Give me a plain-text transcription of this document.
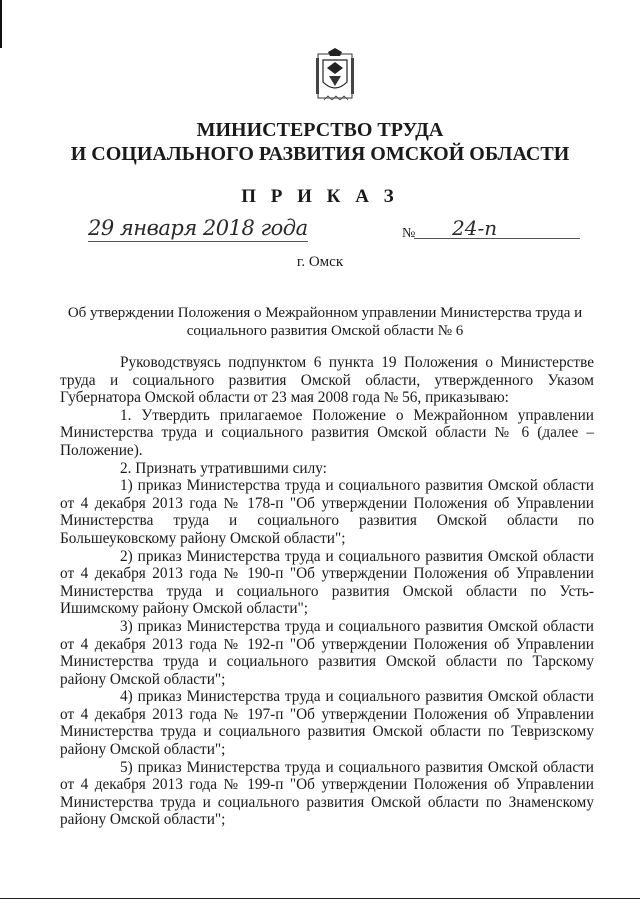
МИНИСТЕРСТВО ТРУДА
И СОЦИАЛЬНОГО РАЗВИТИЯ ОМСКОЙ ОБЛАСТИ
П Р И К А З
29 января 2018 года	№ 24-п
г. Омск
Об утверждении Положения о Межрайонном управлении Министерства труда и социального развития Омской области № 6

Руководствуясь подпунктом 6 пункта 19 Положения о Министерстве труда и социального развития Омской области, утвержденного Указом Губернатора Омской области от 23 мая 2008 года № 56, приказываю:

1. Утвердить прилагаемое Положение о Межрайонном управлении Министерства труда и социального развития Омской области № 6 (далее – Положение).

2. Признать утратившими силу:

1) приказ Министерства труда и социального развития Омской области от 4 декабря 2013 года № 178-п "Об утверждении Положения об Управлении Министерства труда и социального развития Омской области по Большеуковскому району Омской области";

2) приказ Министерства труда и социального развития Омской области от 4 декабря 2013 года № 190-п "Об утверждении Положения об Управлении Министерства труда и социального развития Омской области по Усть-Ишимскому району Омской области";

3) приказ Министерства труда и социального развития Омской области от 4 декабря 2013 года № 192-п "Об утверждении Положения об Управлении Министерства труда и социального развития Омской области по Тарскому району Омской области";

4) приказ Министерства труда и социального развития Омской области от 4 декабря 2013 года № 197-п "Об утверждении Положения об Управлении Министерства труда и социального развития Омской области по Тевризскому району Омской области";

5) приказ Министерства труда и социального развития Омской области от 4 декабря 2013 года № 199-п "Об утверждении Положения об Управлении Министерства труда и социального развития Омской области по Знаменскому району Омской области";
